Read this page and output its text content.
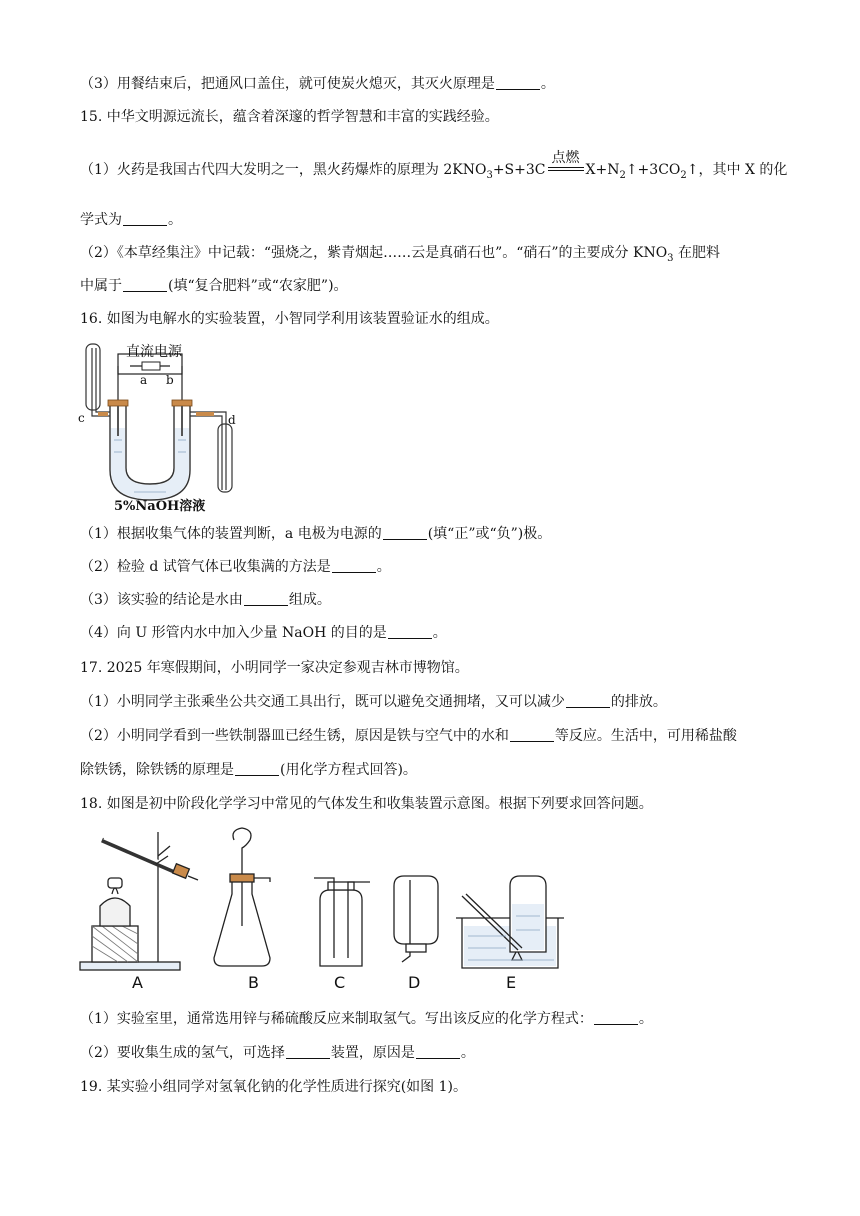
（3）用餐结束后，把通风口盖住，就可使炭火熄灭，其灭火原理是	。
15. 中华文明源远流长，蕴含着深邃的哲学智慧和丰富的实践经验。
（1）火药是我国古代四大发明之一，黑火药爆炸的原理为 $2KNO_3+S+3C$
点燃
$X+N_2↑+3CO_2↑$，其中 X 的化
学式为	。
（2）《本草经集注》中记载：“强烧之，紫青烟起……云是真硝石也”。“硝石”的主要成分 $KNO_3$ 在肥料
中属于	(填“复合肥料”或“农家肥”)。
16. 如图为电解水的实验装置，小智同学利用该装置验证水的组成。
直流电源
a b
c	d
5%NaOH溶液
（1）根据收集气体的装置判断，a 电极为电源的	(填“正”或“负”)极。
（2）检验 d 试管气体已收集满的方法是	。
（3）该实验的结论是水由	组成。
（4）向 U 形管内水中加入少量 NaOH 的目的是	。
17. 2025 年寒假期间，小明同学一家决定参观吉林市博物馆。
（1）小明同学主张乘坐公共交通工具出行，既可以避免交通拥堵，又可以减少	的排放。
（2）小明同学看到一些铁制器皿已经生锈，原因是铁与空气中的水和	等反应。生活中，可用稀盐酸
除铁锈，除铁锈的原理是	(用化学方程式回答)。
18. 如图是初中阶段化学学习中常见的气体发生和收集装置示意图。根据下列要求回答问题。
A	B	C	D	E
（1）实验室里，通常选用锌与稀硫酸反应来制取氢气。写出该反应的化学方程式：	。
（2）要收集生成的氢气，可选择	装置，原因是	。
19. 某实验小组同学对氢氧化钠的化学性质进行探究(如图 1)。
